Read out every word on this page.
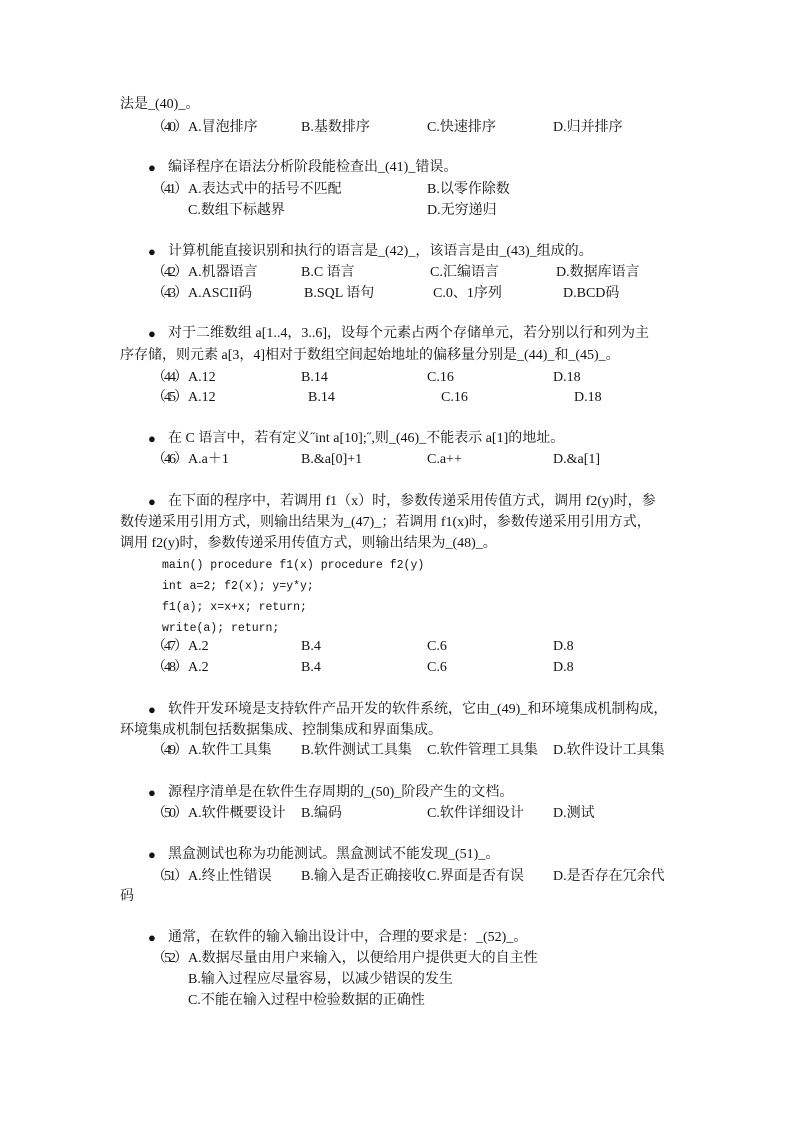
法是_(40)_。
（40） A.冒泡排序	B.基数排序	C.快速排序	D.归并排序
● 编译程序在语法分析阶段能检查出_(41)_错误。
（41） A.表达式中的括号不匹配	B.以零作除数
C.数组下标越界	D.无穷递归
● 计算机能直接识别和执行的语言是_(42)_，该语言是由_(43)_组成的。
（42） A.机器语言	B.C 语言	C.汇编语言	D.数据库语言
（43） A.ASCII码	B.SQL 语句	C.0、1序列	D.BCD码
● 对于二维数组 a[1..4，3..6]，设每个元素占两个存储单元，若分别以行和列为主
序存储，则元素 a[3，4]相对于数组空间起始地址的偏移量分别是_(44)_和_(45)_。
（44） A.12	B.14	C.16	D.18
（45） A.12	B.14	C.16	D.18
● 在 C 语言中，若有定义˝int a[10];˝,则_(46)_不能表示 a[1]的地址。
（46） A.a＋1	B.&a[0]+1	C.a++	D.&a[1]
● 在下面的程序中，若调用 f1（x）时，参数传递采用传值方式，调用 f2(y)时，参
数传递采用引用方式，则输出结果为_(47)_；若调用 f1(x)时，参数传递采用引用方式，
调用 f2(y)时，参数传递采用传值方式，则输出结果为_(48)_。
main() procedure f1(x) procedure f2(y)
int a=2; f2(x); y=y*y;
f1(a); x=x+x; return;
write(a); return;
（47） A.2	B.4	C.6	D.8
（48） A.2	B.4	C.6	D.8
● 软件开发环境是支持软件产品开发的软件系统，它由_(49)_和环境集成机制构成，
环境集成机制包括数据集成、控制集成和界面集成。
（49） A.软件工具集 B.软件测试工具集 C.软件管理工具集 D.软件设计工具集
● 源程序清单是在软件生存周期的_(50)_阶段产生的文档。
（50） A.软件概要设计 B.编码	C.软件详细设计 D.测试
● 黑盒测试也称为功能测试。黑盒测试不能发现_(51)_。
（51） A.终止性错误 B.输入是否正确接收 C.界面是否有误 D.是否存在冗余代
码
● 通常，在软件的输入输出设计中，合理的要求是：_(52)_。
（52） A.数据尽量由用户来输入，以便给用户提供更大的自主性
B.输入过程应尽量容易，以减少错误的发生
C.不能在输入过程中检验数据的正确性
